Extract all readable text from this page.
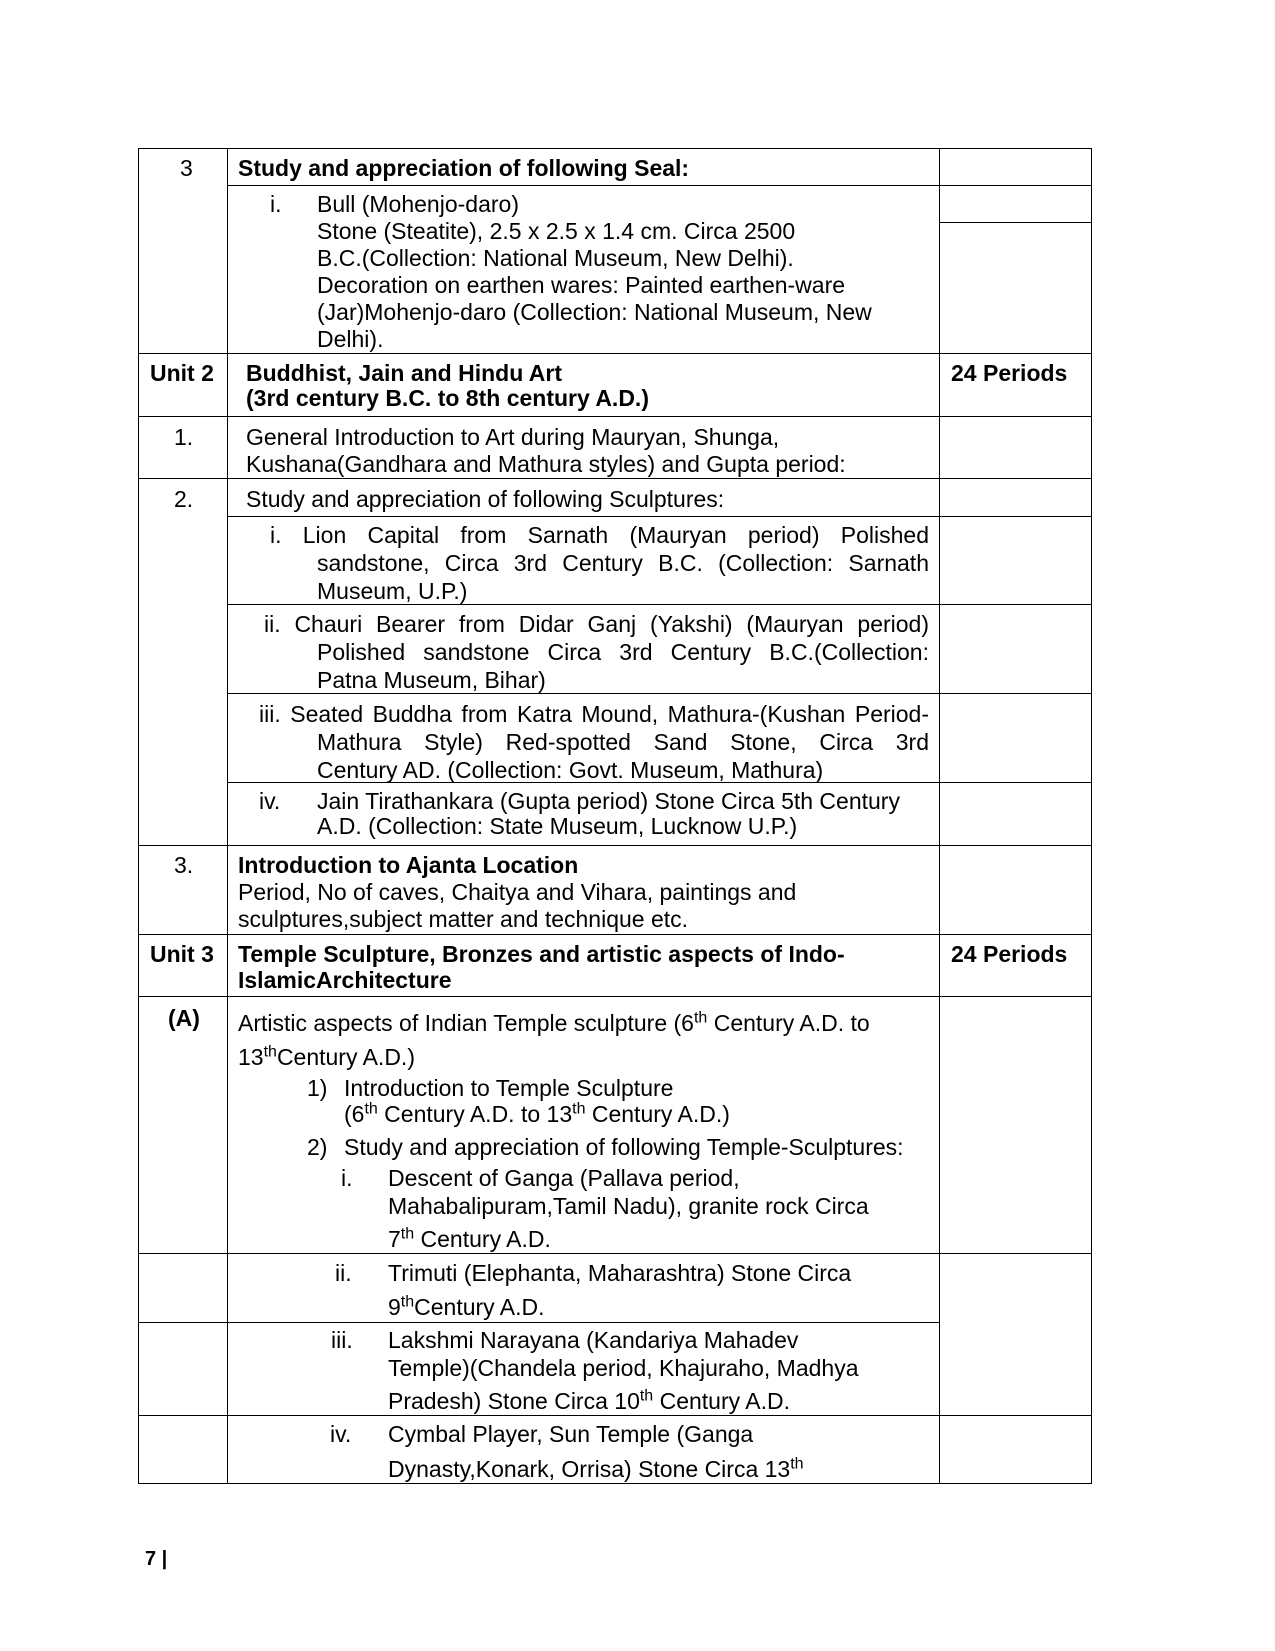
3 Study and appreciation of following Seal:
i. Bull (Mohenjo-daro)
Stone (Steatite), 2.5 x 2.5 x 1.4 cm. Circa 2500
B.C.(Collection: National Museum, New Delhi).
Decoration on earthen wares: Painted earthen-ware
(Jar)Mohenjo-daro (Collection: National Museum, New
Delhi).
Unit 2 Buddhist, Jain and Hindu Art
(3rd century B.C. to 8th century A.D.)
24 Periods
1. General Introduction to Art during Mauryan, Shunga,
Kushana(Gandhara and Mathura styles) and Gupta period:
2. Study and appreciation of following Sculptures:
i. Lion Capital from Sarnath (Mauryan period) Polished
sandstone, Circa 3rd Century B.C. (Collection: Sarnath
Museum, U.P.)
ii. Chauri Bearer from Didar Ganj (Yakshi) (Mauryan period)
Polished sandstone Circa 3rd Century B.C.(Collection:
Patna Museum, Bihar)
iii. Seated Buddha from Katra Mound, Mathura-(Kushan Period-
Mathura Style) Red-spotted Sand Stone, Circa 3rd
Century AD. (Collection: Govt. Museum, Mathura)
iv. Jain Tirathankara (Gupta period) Stone Circa 5th Century
A.D. (Collection: State Museum, Lucknow U.P.)
3. Introduction to Ajanta Location
Period, No of caves, Chaitya and Vihara, paintings and
sculptures,subject matter and technique etc.
Unit 3 Temple Sculpture, Bronzes and artistic aspects of Indo-
IslamicArchitecture
24 Periods
(A) Artistic aspects of Indian Temple sculpture (6th Century A.D. to
13thCentury A.D.)
1) Introduction to Temple Sculpture
(6th Century A.D. to 13th Century A.D.)
2) Study and appreciation of following Temple-Sculptures:
i. Descent of Ganga (Pallava period,
Mahabalipuram,Tamil Nadu), granite rock Circa
7th Century A.D.
ii. Trimuti (Elephanta, Maharashtra) Stone Circa
9thCentury A.D.
iii. Lakshmi Narayana (Kandariya Mahadev
Temple)(Chandela period, Khajuraho, Madhya
Pradesh) Stone Circa 10th Century A.D.
iv. Cymbal Player, Sun Temple (Ganga
Dynasty,Konark, Orrisa) Stone Circa 13th
7 |
